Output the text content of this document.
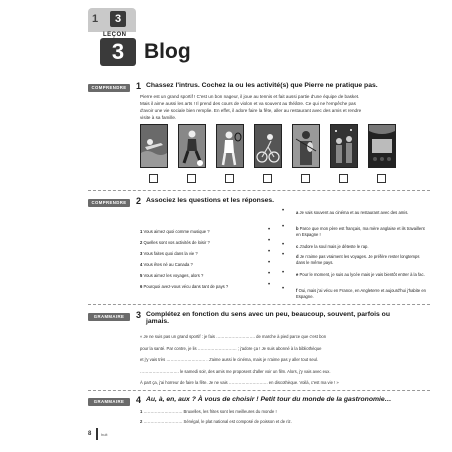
1	3
LEÇON
3 Blog
COMPRENDRE	1 Chassez l'intrus. Cochez la ou les activité(s) que Pierre ne pratique pas.
Pierre est un grand sportif ! C'est un bon nageur, il joue au tennis et fait aussi partie d'une équipe de basket.
Mais il aime aussi les arts ! Il prend des cours de violon et va souvent au théâtre. Ce qui ne l'empêche pas
d'avoir une vie sociale bien remplie. En effet, il adore faire la fête, aller au restaurant avec des amis et rendre
visite à sa famille.
COMPRENDRE	2 Associez les questions et les réponses.
1 Vous aimez quoi comme musique ?
2 Quelles sont vos activités de loisir ?
3 Vous faites quoi dans la vie ?
4 Vous êtes né au Canada ?
5 Vous aimez les voyages, alors ?
6 Pourquoi avez-vous vécu dans tant de pays ?
•
•
•
•
•
•
•	a Je vais souvent au cinéma et au restaurant avec des amis.
•	b Parce que mon père est français, ma mère anglaise et ils travaillent en Espagne !
•	c J'adore la soul mais je déteste le rap.
•	d Je n'aime pas vraiment les voyages. Je préfère rester longtemps dans le même pays.
•	e Pour le moment, je suis au lycée mais je vais bientôt entrer à la fac.
•	f Oui, mais j'ai vécu en France, en Angleterre et aujourd'hui j'habite en Espagne.
GRAMMAIRE	3 Complétez en fonction du sens avec un peu, beaucoup, souvent, parfois ou
jamais.
« Je ne suis pas un grand sportif : je fais ………………………. de marche à pied parce que c'est bon
pour la santé. Par contre, je lis ………………………. ; j'adore ça ! Je suis abonné à la bibliothèque
et j'y vais très ………………………. . J'aime aussi le cinéma, mais je n'aime pas y aller tout seul.
………………………. le samedi soir, des amis me proposent d'aller voir un film. Alors, j'y vais avec eux.
À part ça, j'ai horreur de faire la fête. Je ne vais ………………………. en discothèque. Voilà, c'est ma vie ! »
GRAMMAIRE	4 Au, à, en, aux ? À vous de choisir ! Petit tour du monde de la gastronomie…
1 ………………………. Bruxelles, les frites sont les meilleures du monde !
2 ………………………. Sénégal, le plat national est composé de poisson et de riz.
8 huit
